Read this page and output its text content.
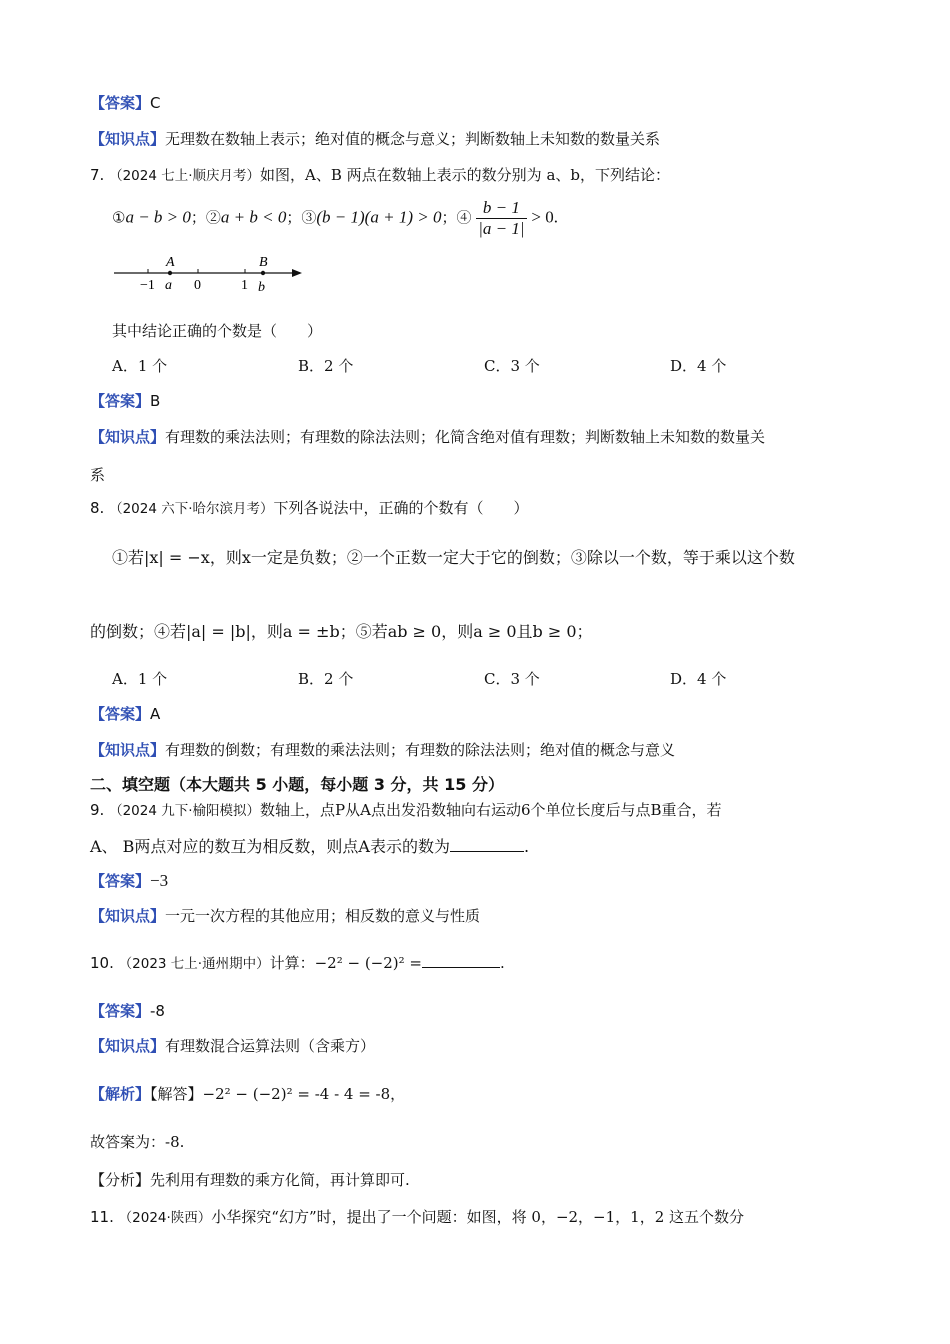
【答案】C
【知识点】无理数在数轴上表示；绝对值的概念与意义；判断数轴上未知数的数量关系
7. （2024 七上·顺庆月考）如图，A、B 两点在数轴上表示的数分别为 a、b，下列结论：
①a − b > 0；②a + b < 0；③(b − 1)(a + 1) > 0；④ $\frac{b - 1}{|a - 1|} > 0$.
A	B
−1 a 0	1 b
其中结论正确的个数是（　　）
A．1 个	B．2 个	C．3 个	D．4 个
【答案】B
【知识点】有理数的乘法法则；有理数的除法法则；化简含绝对值有理数；判断数轴上未知数的数量关
系
8. （2024 六下·哈尔滨月考）下列各说法中，正确的个数有（　　）
①若|x| = −x，则x一定是负数；②一个正数一定大于它的倒数；③除以一个数，等于乘以这个数
的倒数；④若|a| = |b|，则a = ±b；⑤若ab ≥ 0，则a ≥ 0且b ≥ 0；
A．1 个	B．2 个	C．3 个	D．4 个
【答案】A
【知识点】有理数的倒数；有理数的乘法法则；有理数的除法法则；绝对值的概念与意义
二、填空题（本大题共 5 小题，每小题 3 分，共 15 分）
9. （2024 九下·榆阳模拟）数轴上，点P从A点出发沿数轴向右运动6个单位长度后与点B重合，若
A、 B两点对应的数互为相反数，则点A表示的数为	.
【答案】−3
【知识点】一元一次方程的其他应用；相反数的意义与性质
10. （2023 七上·通州期中）计算：−2² − (−2)² =	.
【答案】-8
【知识点】有理数混合运算法则（含乘方）
【解析】【解答】−2² − (−2)² = -4 - 4 = -8，
故答案为：-8.
【分析】先利用有理数的乘方化简，再计算即可.
11. （2024·陕西）小华探究“幻方”时，提出了一个问题：如图，将 0，−2，−1，1，2 这五个数分
